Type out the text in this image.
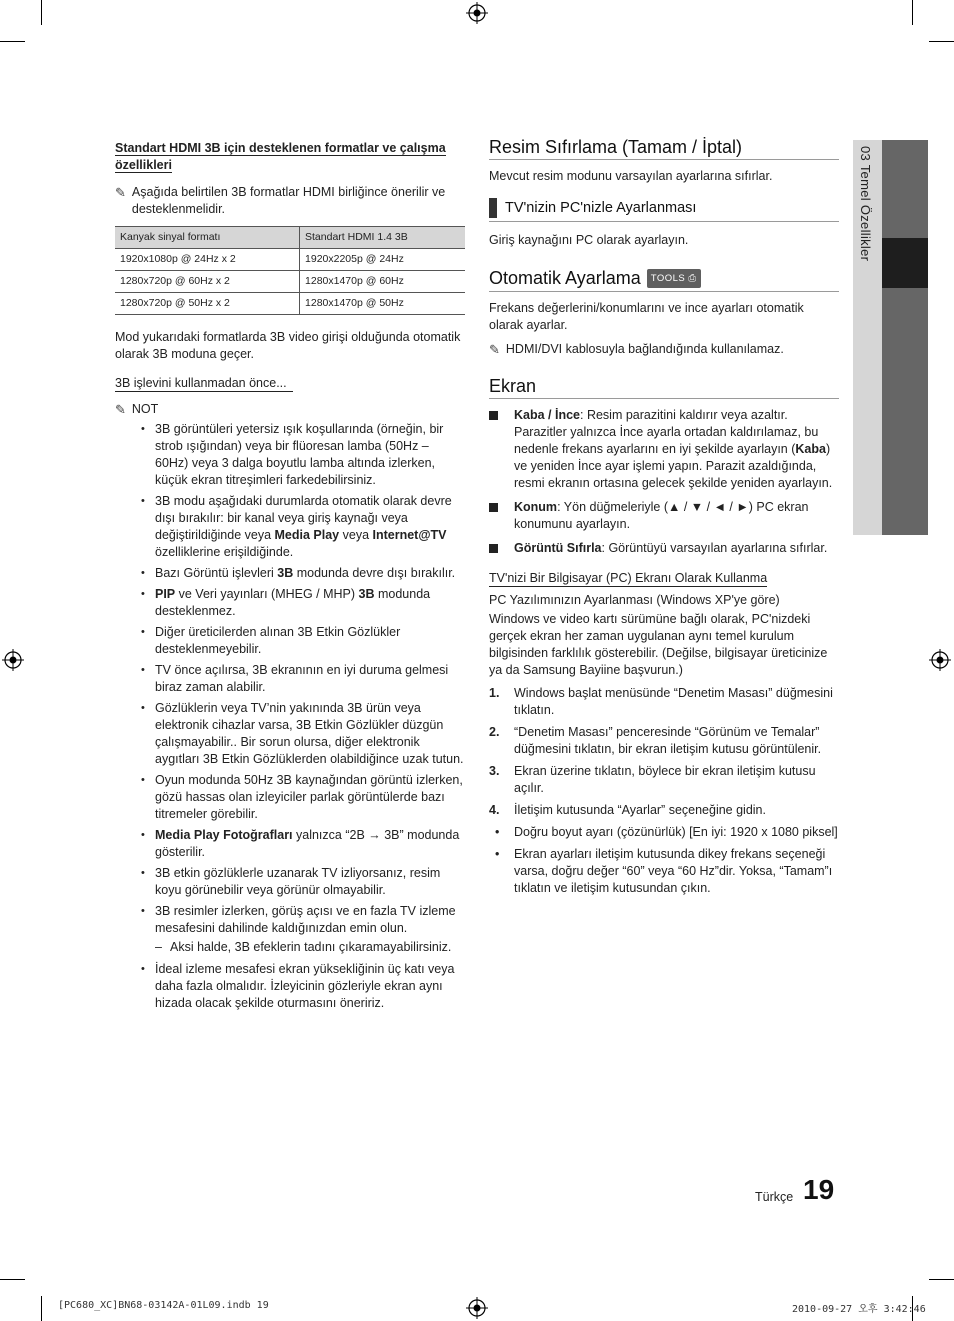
03 Temel Özellikler
Standart HDMI 3B için desteklenen formatlar ve çalışma özellikleri
✎ Aşağıda belirtilen 3B formatlar HDMI birliğince önerilir ve desteklenmelidir.
Kanyak sinyal formatı	Standart HDMI 1.4 3B
1920x1080p @ 24Hz x 2	1920x2205p @ 24Hz
1280x720p @ 60Hz x 2	1280x1470p @ 60Hz
1280x720p @ 50Hz x 2	1280x1470p @ 50Hz
Mod yukarıdaki formatlarda 3B video girişi olduğunda otomatik olarak 3B moduna geçer.
3B işlevini kullanmadan önce...
✎ NOT
• 3B görüntüleri yetersiz ışık koşullarında (örneğin, bir strob ışığından) veya bir flüoresan lamba (50Hz – 60Hz) veya 3 dalga boyutlu lamba altında izlerken, küçük ekran titreşimleri farkedebilirsiniz.
• 3B modu aşağıdaki durumlarda otomatik olarak devre dışı bırakılır: bir kanal veya giriş kaynağı veya değiştirildiğinde veya Media Play veya Internet@TV özelliklerine erişildiğinde.
• Bazı Görüntü işlevleri 3B modunda devre dışı bırakılır.
• PIP ve Veri yayınları (MHEG / MHP) 3B modunda desteklenmez.
• Diğer üreticilerden alınan 3B Etkin Gözlükler desteklenmeyebilir.
• TV önce açılırsa, 3B ekranının en iyi duruma gelmesi biraz zaman alabilir.
• Gözlüklerin veya TV’nin yakınında 3B ürün veya elektronik cihazlar varsa, 3B Etkin Gözlükler düzgün çalışmayabilir.. Bir sorun olursa, diğer elektronik aygıtları 3B Etkin Gözlüklerden olabildiğince uzak tutun.
• Oyun modunda 50Hz 3B kaynağından görüntü izlerken, gözü hassas olan izleyiciler parlak görüntülerde bazı titremeler görebilir.
• Media Play Fotoğrafları yalnızca “2B → 3B” modunda gösterilir.
• 3B etkin gözlüklerle uzanarak TV izliyorsanız, resim koyu görünebilir veya görünür olmayabilir.
• 3B resimler izlerken, görüş açısı ve en fazla TV izleme mesafesini dahilinde kaldığınızdan emin olun.
– Aksi halde, 3B efeklerin tadını çıkaramayabilirsiniz.
• İdeal izleme mesafesi ekran yüksekliğinin üç katı veya daha fazla olmalıdır. İzleyicinin gözleriyle ekran aynı hizada olacak şekilde oturmasını öneririz.
Resim Sıfırlama (Tamam / İptal)
Mevcut resim modunu varsayılan ayarlarına sıfırlar.
TV'nizin PC'nizle Ayarlanması
Giriş kaynağını PC olarak ayarlayın.
Otomatik Ayarlama TOOLS ⎙
Frekans değerlerini/konumlarını ve ince ayarları otomatik olarak ayarlar.
✎ HDMI/DVI kablosuyla bağlandığında kullanılamaz.
Ekran
Kaba / İnce: Resim parazitini kaldırır veya azaltır. Parazitler yalnızca İnce ayarla ortadan kaldırılamaz, bu nedenle frekans ayarlarını en iyi şekilde ayarlayın (Kaba) ve yeniden İnce ayar işlemi yapın. Parazit azaldığında, resmi ekranın ortasına gelecek şekilde yeniden ayarlayın.
Konum: Yön düğmeleriyle (▲ / ▼ / ◄ / ►) PC ekran konumunu ayarlayın.
Görüntü Sıfırla: Görüntüyü varsayılan ayarlarına sıfırlar.
TV'nizi Bir Bilgisayar (PC) Ekranı Olarak Kullanma
PC Yazılımınızın Ayarlanması (Windows XP'ye göre)
Windows ve video kartı sürümüne bağlı olarak, PC'nizdeki gerçek ekran her zaman uygulanan aynı temel kurulum bilgisinden farklılık gösterebilir. (Değilse, bilgisayar üreticinize ya da Samsung Bayiine başvurun.)
1. Windows başlat menüsünde “Denetim Masası” düğmesini tıklatın.
2. “Denetim Masası” penceresinde “Görünüm ve Temalar” düğmesini tıklatın, bir ekran iletişim kutusu görüntülenir.
3. Ekran üzerine tıklatın, böylece bir ekran iletişim kutusu açılır.
4. İletişim kutusunda “Ayarlar” seçeneğine gidin.
• Doğru boyut ayarı (çözünürlük) [En iyi: 1920 x 1080 piksel]
• Ekran ayarları iletişim kutusunda dikey frekans seçeneği varsa, doğru değer “60” veya “60 Hz”dir. Yoksa, “Tamam”ı tıklatın ve iletişim kutusundan çıkın.
Türkçe 19
[PC680_XC]BN68-03142A-01L09.indb 19	2010-09-27 오후 3:42:46
